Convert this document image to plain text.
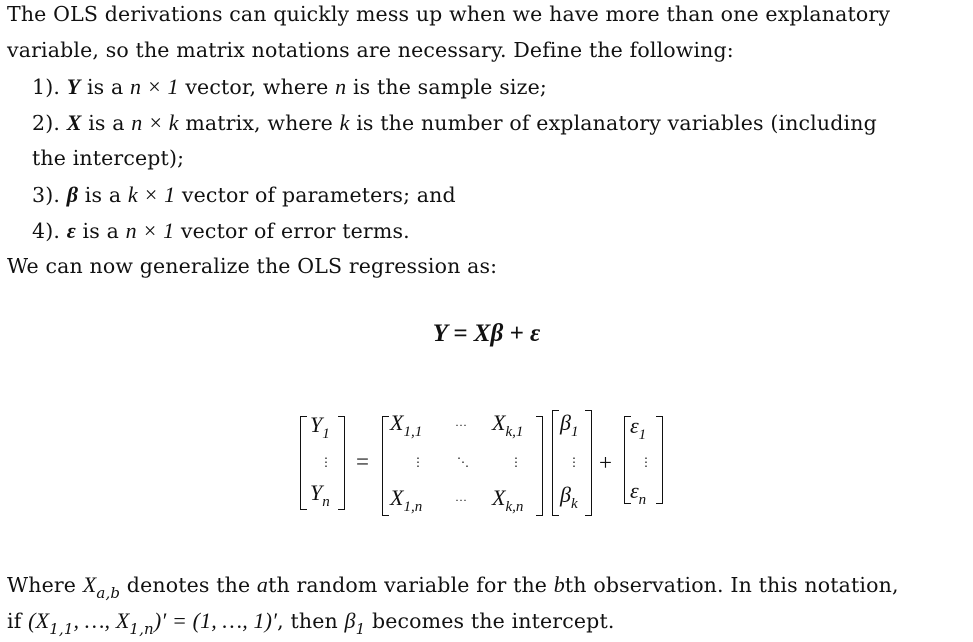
The OLS derivations can quickly mess up when we have more than one explanatory
variable, so the matrix notations are necessary. Define the following:
1). Y is a n × 1 vector, where n is the sample size;
2). X is a n × k matrix, where k is the number of explanatory variables (including
the intercept);
3). β is a k × 1 vector of parameters; and
4). ε is a n × 1 vector of error terms.
We can now generalize the OLS regression as:
Y = Xβ + ε
$Y_1$
⋮
$Y_n$
=
$X_{1,1}$	··· $X_{k,1}$
⋮	⋱	⋮
$X_{1,n}$	··· $X_{k,n}$
$\beta_1$
⋮
$\beta_k$
+
$\varepsilon_1$
⋮
$\varepsilon_n$
Where $X_{a,b}$ denotes the ath random variable for the bth observation. In this notation,
if ($X_{1,1}$, …, $X_{1,n})' = (1$, …, 1)′, then $\beta_1$ becomes the intercept.
